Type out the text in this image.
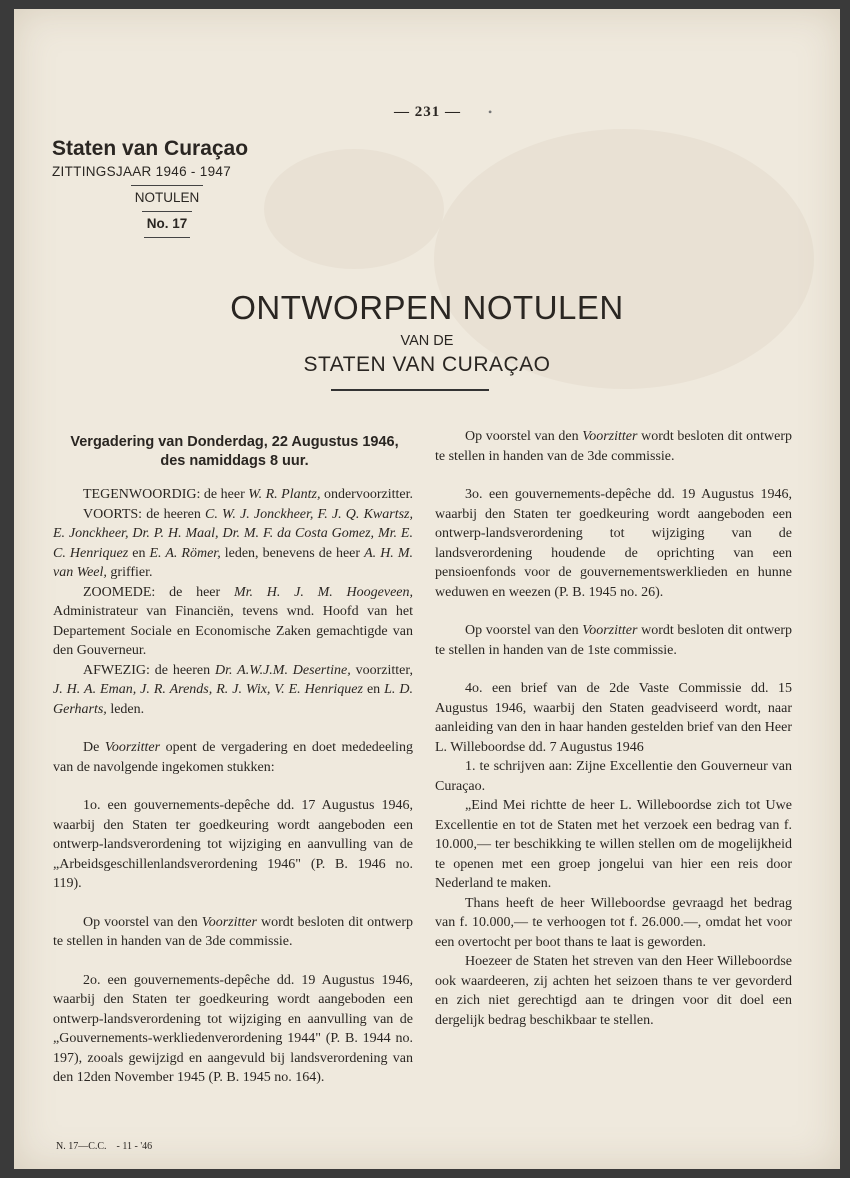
— 231 — •
Staten van Curaçao
ZITTINGSJAAR 1946 - 1947
NOTULEN
No. 17
ONTWORPEN NOTULEN
VAN DE
STATEN VAN CURAÇAO
Vergadering van Donderdag, 22 Augustus 1946,
des namiddags 8 uur.

TEGENWOORDIG: de heer W. R. Plantz, ondervoorzitter.

VOORTS: de heeren C. W. J. Jonckheer, F. J. Q. Kwartsz, E. Jonckheer, Dr. P. H. Maal, Dr. M. F. da Costa Gomez, Mr. E. C. Henriquez en E. A. Römer, leden, benevens de heer A. H. M. van Weel, griffier.

ZOOMEDE: de heer Mr. H. J. M. Hoogeveen, Administrateur van Financiën, tevens wnd. Hoofd van het Departement Sociale en Economische Zaken gemachtigde van den Gouverneur.

AFWEZIG: de heeren Dr. A.W.J.M. Desertine, voorzitter, J. H. A. Eman, J. R. Arends, R. J. Wix, V. E. Henriquez en L. D. Gerharts, leden.

De Voorzitter opent de vergadering en doet mededeeling van de navolgende ingekomen stukken:

1o. een gouvernements-depêche dd. 17 Augustus 1946, waarbij den Staten ter goedkeuring wordt aangeboden een ontwerp-landsverordening tot wijziging en aanvulling van de „Arbeidsgeschillenlandsverordening 1946" (P. B. 1946 no. 119).

Op voorstel van den Voorzitter wordt besloten dit ontwerp te stellen in handen van de 3de commissie.

2o. een gouvernements-depêche dd. 19 Augustus 1946, waarbij den Staten ter goedkeuring wordt aangeboden een ontwerp-landsverordening tot wijziging en aanvulling van de „Gouvernements-werkliedenverordening 1944" (P. B. 1944 no. 197), zooals gewijzigd en aangevuld bij landsverordening van den 12den November 1945 (P. B. 1945 no. 164).

Op voorstel van den Voorzitter wordt besloten dit ontwerp te stellen in handen van de 3de commissie.

3o. een gouvernements-depêche dd. 19 Augustus 1946, waarbij den Staten ter goedkeuring wordt aangeboden een ontwerp-landsverordening tot wijziging van de landsverordening houdende de oprichting van een pensioenfonds voor de gouvernementswerklieden en hunne weduwen en weezen (P. B. 1945 no. 26).

Op voorstel van den Voorzitter wordt besloten dit ontwerp te stellen in handen van de 1ste commissie.

4o. een brief van de 2de Vaste Commissie dd. 15 Augustus 1946, waarbij den Staten geadviseerd wordt, naar aanleiding van den in haar handen gestelden brief van den Heer L. Willeboordse dd. 7 Augustus 1946

1. te schrijven aan: Zijne Excellentie den Gouverneur van Curaçao.

„Eind Mei richtte de heer L. Willeboordse zich tot Uwe Excellentie en tot de Staten met het verzoek een bedrag van f. 10.000,— ter beschikking te willen stellen om de mogelijkheid te openen met een groep jongelui van hier een reis door Nederland te maken.

Thans heeft de heer Willeboordse gevraagd het bedrag van f. 10.000,— te verhoogen tot f. 26.000.—, omdat het voor een overtocht per boot thans te laat is geworden.

Hoezeer de Staten het streven van den Heer Willeboordse ook waardeeren, zij achten het seizoen thans te ver gevorderd en zich niet gerechtigd aan te dringen voor dit doel een dergelijk bedrag beschikbaar te stellen.

N. 17—C.C.    - 11 - '46
